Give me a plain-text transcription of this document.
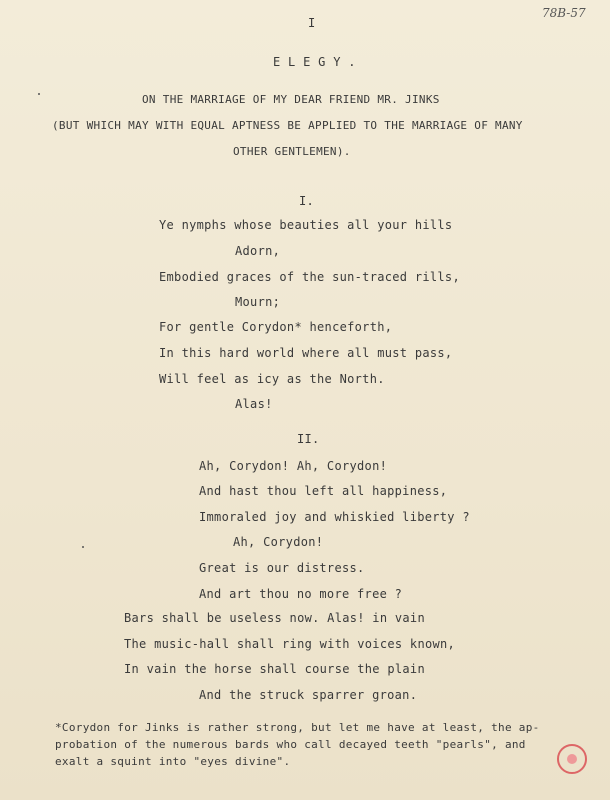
78B-57
I
E L E G Y .
ON THE MARRIAGE OF MY DEAR FRIEND MR. JINKS
(BUT WHICH MAY WITH EQUAL APTNESS BE APPLIED TO THE MARRIAGE OF MANY
OTHER GENTLEMEN).
I.
Ye nymphs whose beauties all your hills
Adorn,
Embodied graces of the sun-traced rills,
Mourn;
For gentle Corydon* henceforth,
In this hard world where all must pass,
Will feel as icy as the North.
Alas!
II.
Ah, Corydon! Ah, Corydon!
And hast thou left all happiness,
Immoraled joy and whiskied liberty ?
Ah, Corydon!
Great is our distress.
And art thou no more free ?
Bars shall be useless now. Alas! in vain
The music-hall shall ring with voices known,
In vain the horse shall course the plain
And the struck sparrer groan.
*Corydon for Jinks is rather strong, but let me have at least, the ap-
probation of the numerous bards who call decayed teeth "pearls", and
exalt a squint into "eyes divine".
